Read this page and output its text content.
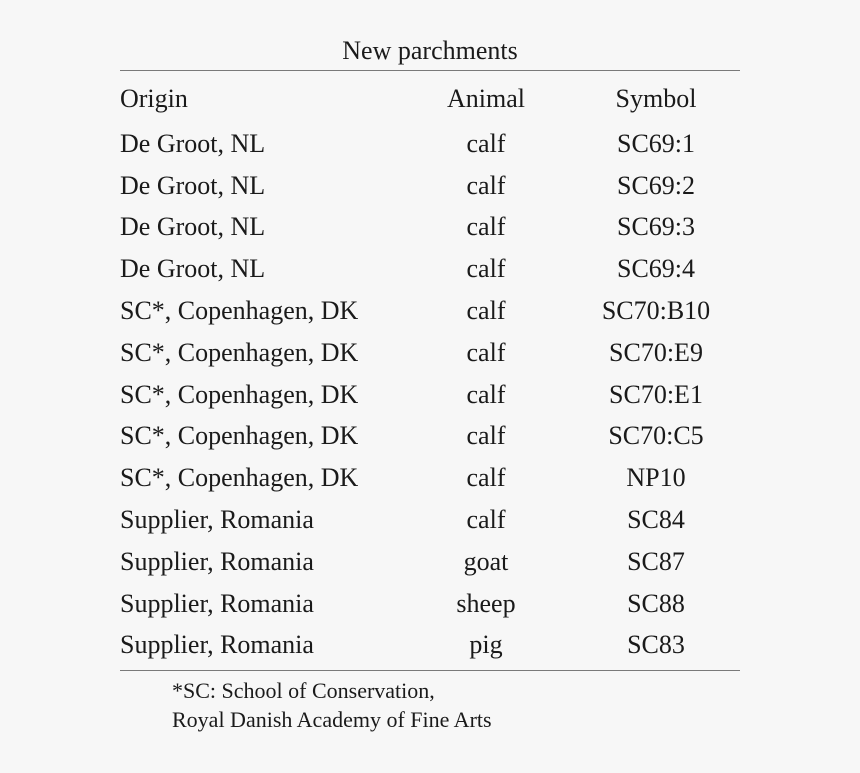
New parchments
Origin	Animal	Symbol
De Groot, NL	calf	SC69:1
De Groot, NL	calf	SC69:2
De Groot, NL	calf	SC69:3
De Groot, NL	calf	SC69:4
SC*, Copenhagen, DK	calf	SC70:B10
SC*, Copenhagen, DK	calf	SC70:E9
SC*, Copenhagen, DK	calf	SC70:E1
SC*, Copenhagen, DK	calf	SC70:C5
SC*, Copenhagen, DK	calf	NP10
Supplier, Romania	calf	SC84
Supplier, Romania	goat	SC87
Supplier, Romania	sheep	SC88
Supplier, Romania	pig	SC83
*SC: School of Conservation,
Royal Danish Academy of Fine Arts
